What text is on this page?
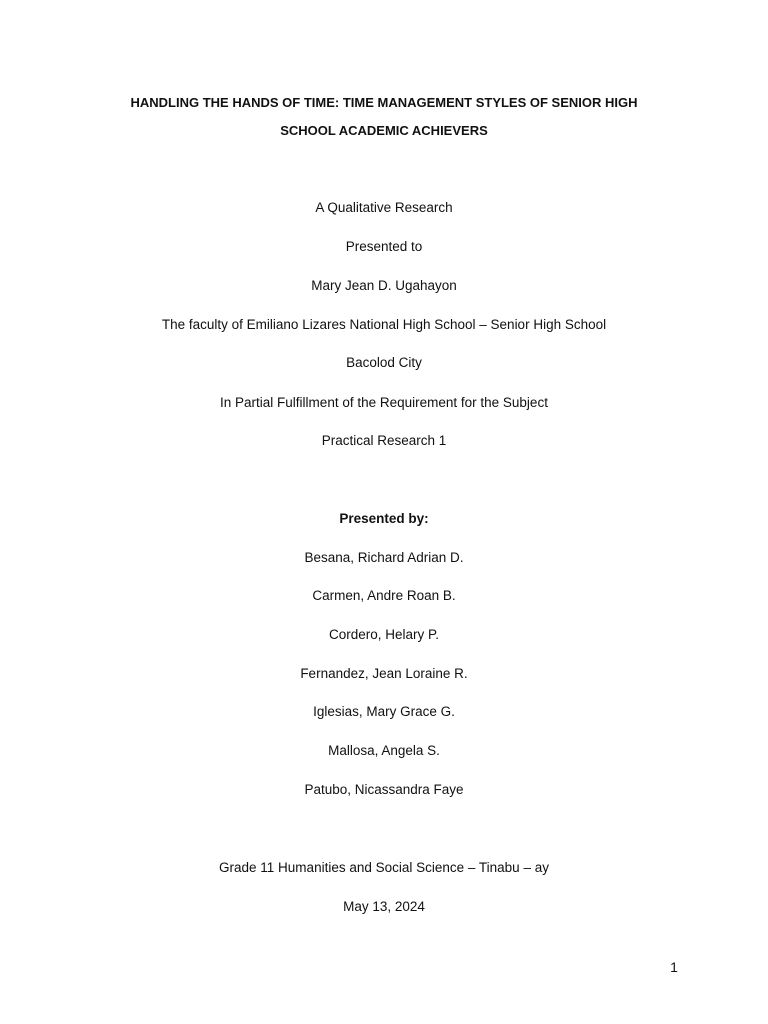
HANDLING THE HANDS OF TIME: TIME MANAGEMENT STYLES OF SENIOR HIGH

SCHOOL ACADEMIC ACHIEVERS

A Qualitative Research

Presented to

Mary Jean D. Ugahayon

The faculty of Emiliano Lizares National High School – Senior High School

Bacolod City

In Partial Fulfillment of the Requirement for the Subject

Practical Research 1

Presented by:

Besana, Richard Adrian D.

Carmen, Andre Roan B.

Cordero, Helary P.

Fernandez, Jean Loraine R.

Iglesias, Mary Grace G.

Mallosa, Angela S.

Patubo, Nicassandra Faye

Grade 11 Humanities and Social Science – Tinabu – ay

May 13, 2024

1
